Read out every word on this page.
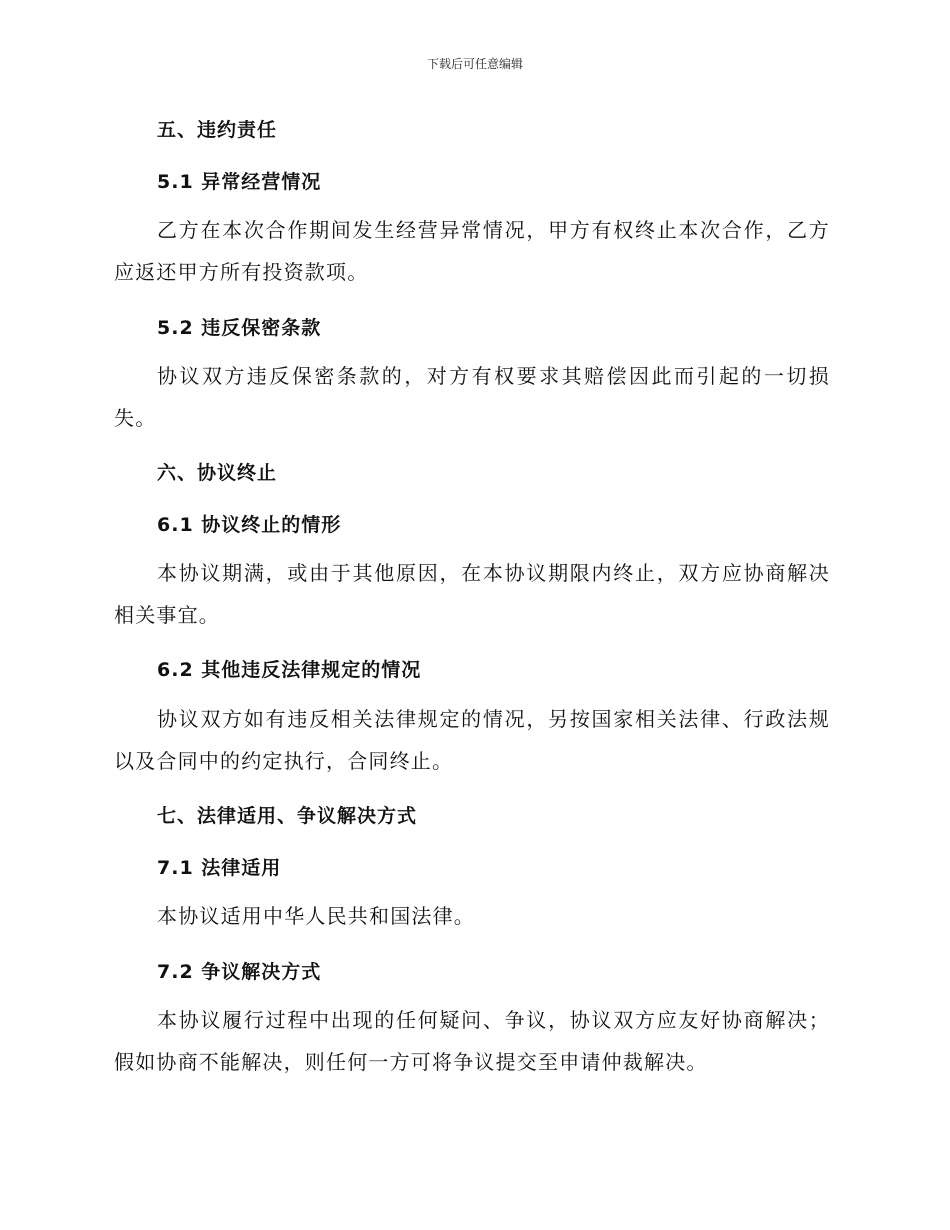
下载后可任意编辑
五、违约责任
5.1 异常经营情况
乙方在本次合作期间发生经营异常情况，甲方有权终止本次合作，乙方应返还甲方所有投资款项。
5.2 违反保密条款
协议双方违反保密条款的，对方有权要求其赔偿因此而引起的一切损失。
六、协议终止
6.1 协议终止的情形
本协议期满，或由于其他原因，在本协议期限内终止，双方应协商解决相关事宜。
6.2 其他违反法律规定的情况
协议双方如有违反相关法律规定的情况，另按国家相关法律、行政法规以及合同中的约定执行，合同终止。
七、法律适用、争议解决方式
7.1 法律适用
本协议适用中华人民共和国法律。
7.2 争议解决方式
本协议履行过程中出现的任何疑问、争议，协议双方应友好协商解决；假如协商不能解决，则任何一方可将争议提交至申请仲裁解决。
